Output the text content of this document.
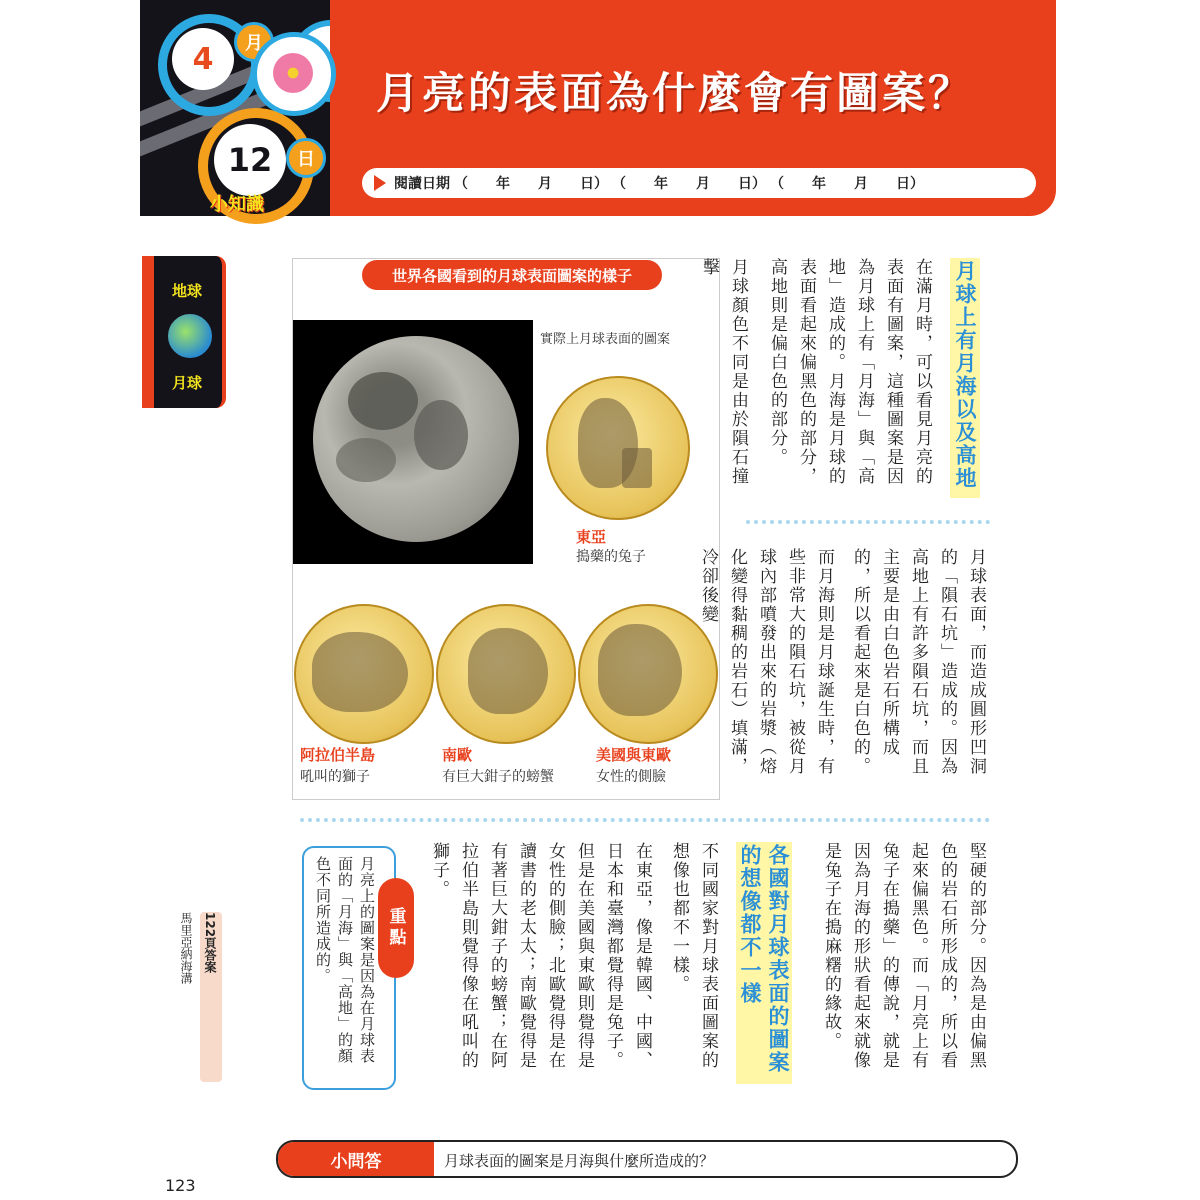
4	月
12	日
小知識
月亮的表面為什麼會有圖案？
閱讀日期 （　　年　　月　　日） （　　年　　月　　日） （　　年　　月　　日）
地球
月球
世界各國看到的月球表面圖案的樣子
實際上月球表面的圖案
東亞
搗藥的兔子
阿拉伯半島
吼叫的獅子
南歐
有巨大鉗子的螃蟹
美國與東歐
女性的側臉
月球上有月海以及高地
在滿月時，可以看見月亮的表面有圖案，這種圖案是因為月球上有「月海」與「高地」造成的。月海是月球的表面看起來偏黑色的部分，高地則是偏白色的部分。
月球顏色不同是由於隕石撞擊
月球表面，而造成圓形凹洞的「隕石坑」造成的。因為高地上有許多隕石坑，而且主要是由白色岩石所構成的，所以看起來是白色的。
而月海則是月球誕生時，有些非常大的隕石坑，被從月球內部噴發出來的岩漿（熔化變得黏稠的岩石）填滿，冷卻後變
堅硬的部分。因為是由偏黑色的岩石所形成的，所以看起來偏黑色。而「月亮上有兔子在搗藥」的傳說，就是因為月海的形狀看起來就像是兔子在搗麻糬的緣故。
各國對月球表面的圖案的想像都不一樣
不同國家對月球表面圖案的想像也都不一樣。
在東亞，像是韓國、中國、日本和臺灣都覺得是兔子。但是在美國與東歐則覺得是女性的側臉；北歐覺得是在讀書的老太太；南歐覺得是有著巨大鉗子的螃蟹；在阿拉伯半島則覺得像在吼叫的獅子。
月亮上的圖案是因為在月球表面的「月海」與「高地」的顏色不同所造成的。	重點
122頁答案
馬里亞納海溝
小問答	月球表面的圖案是月海與什麼所造成的？
123
